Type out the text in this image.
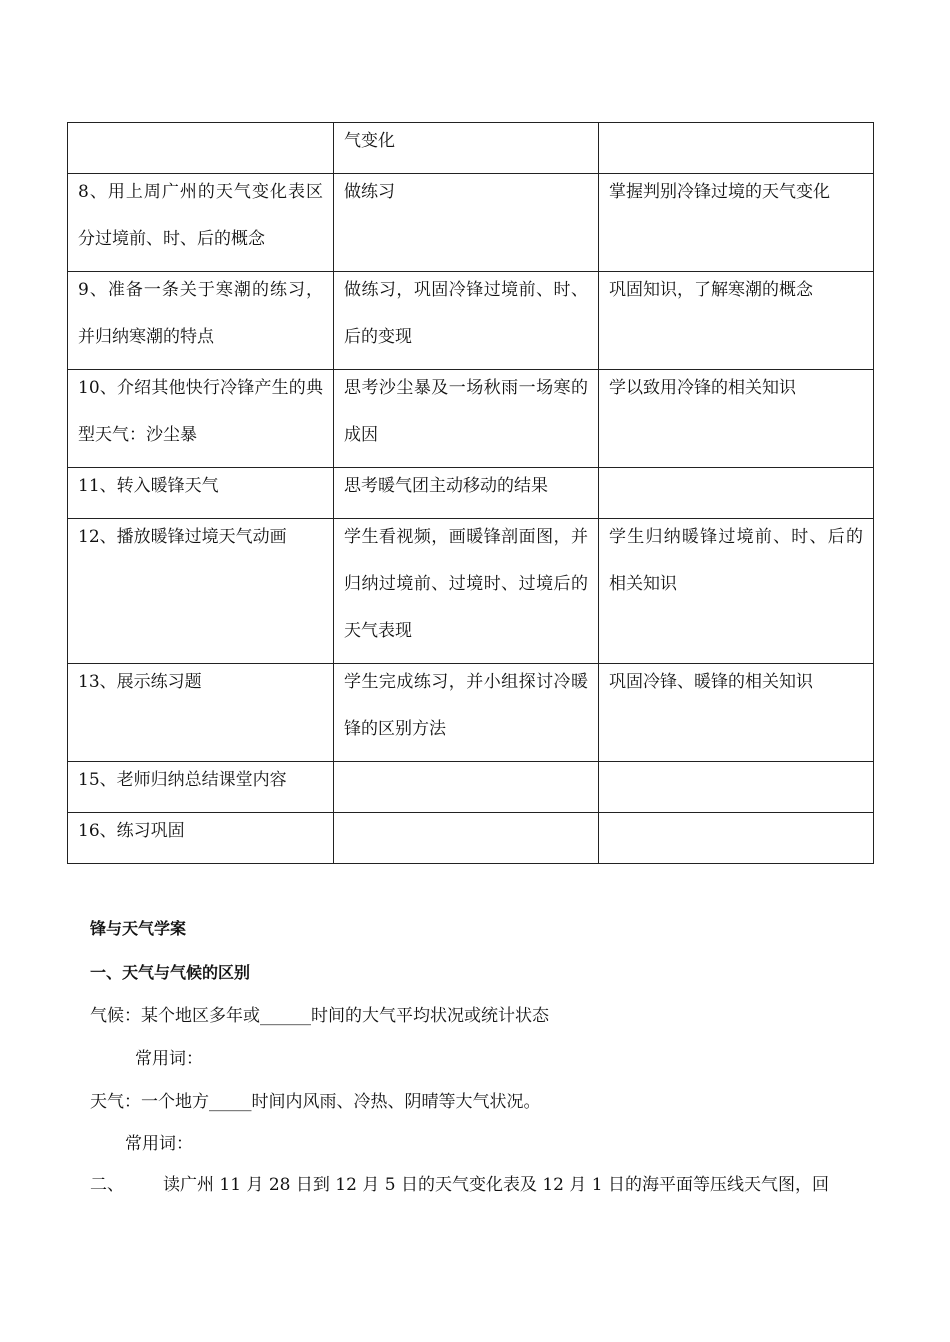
	气变化	

8、用上周广州的天气变化表区分过境前、时、后的概念	做练习	掌握判别冷锋过境的天气变化

9、准备一条关于寒潮的练习，并归纳寒潮的特点	做练习，巩固冷锋过境前、时、后的变现	巩固知识，了解寒潮的概念

10、介绍其他快行冷锋产生的典型天气：沙尘暴	思考沙尘暴及一场秋雨一场寒的成因	学以致用冷锋的相关知识

11、转入暖锋天气	思考暖气团主动移动的结果	

12、播放暖锋过境天气动画	学生看视频，画暖锋剖面图，并归纳过境前、过境时、过境后的天气表现	学生归纳暖锋过境前、时、后的相关知识

13、展示练习题	学生完成练习，并小组探讨冷暖锋的区别方法	巩固冷锋、暖锋的相关知识

15、老师归纳总结课堂内容		

16、练习巩固		

锋与天气学案
一、天气与气候的区别
气候：某个地区多年或______时间的大气平均状况或统计状态
常用词：
天气：一个地方_____时间内风雨、冷热、阴晴等大气状况。
常用词：
二、 读广州 11 月 28 日到 12 月 5 日的天气变化表及 12 月 1 日的海平面等压线天气图，回
